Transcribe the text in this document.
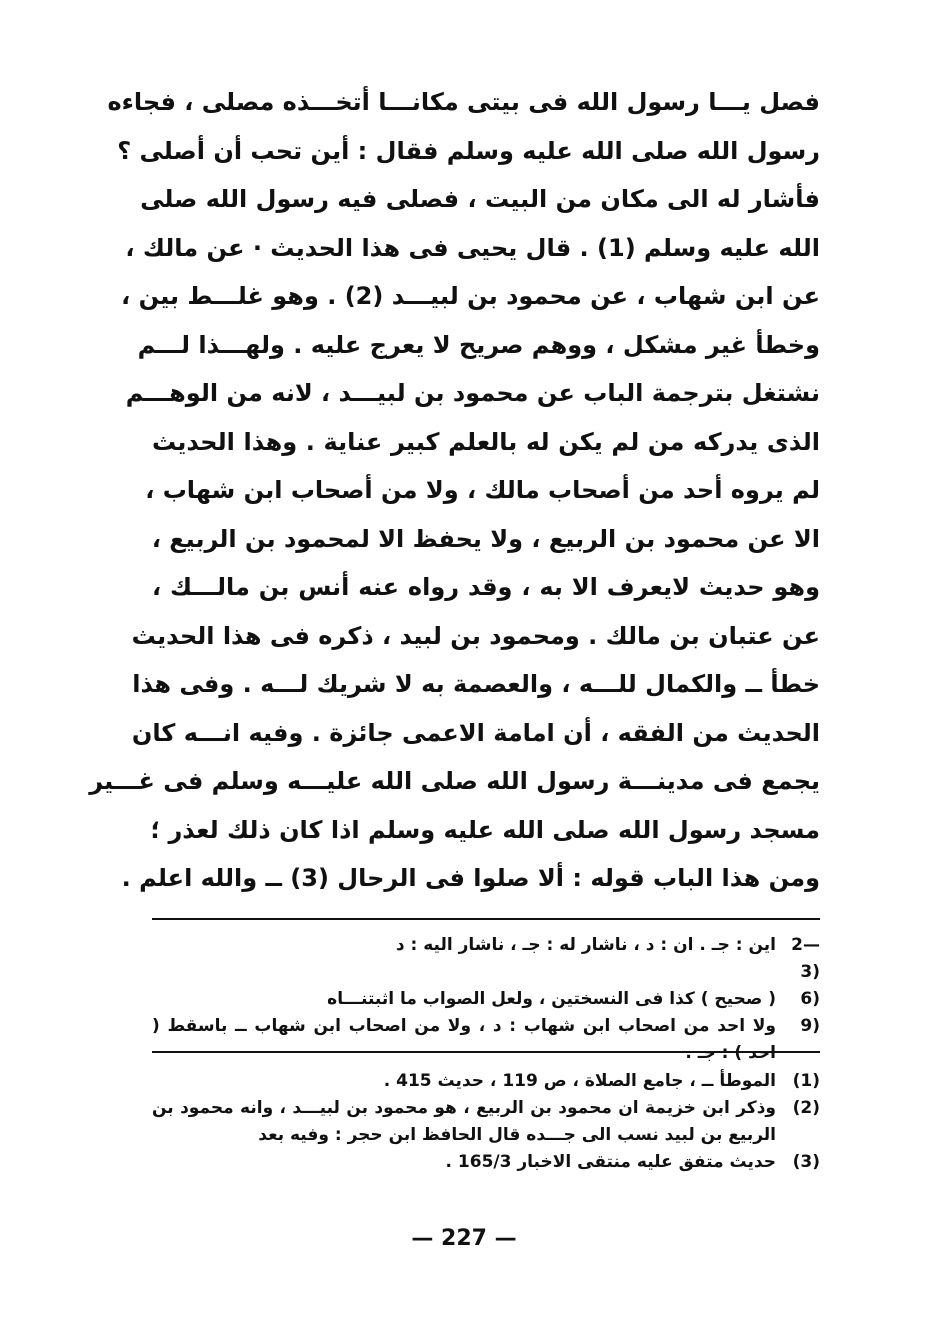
فصل يـــا رسول الله فى بيتى مكانـــا أتخـــذه مصلى ، فجاءه
رسول الله صلى الله عليه وسلم فقال : أين تحب أن أصلى ؟
فأشار له الى مكان من البيت ، فصلى فيه رسول الله صلى
الله عليه وسلم (1) . قال يحيى فى هذا الحديث · عن مالك ،
عن ابن شهاب ، عن محمود بن لبيـــد (2) . وهو غلـــط بين ،
وخطأ غير مشكل ، ووهم صريح لا يعرج عليه . ولهـــذا لـــم
نشتغل بترجمة الباب عن محمود بن لبيـــد ، لانه من الوهـــم
الذى يدركه من لم يكن له بالعلم كبير عناية . وهذا الحديث
لم يروه أحد من أصحاب مالك ، ولا من أصحاب ابن شهاب ،
الا عن محمود بن الربيع ، ولا يحفظ الا لمحمود بن الربيع ،
وهو حديث لايعرف الا به ، وقد رواه عنه أنس بن مالـــك ،
عن عتبان بن مالك . ومحمود بن لبيد ، ذكره فى هذا الحديث
خطأ ــ والكمال للـــه ، والعصمة به لا شريك لـــه . وفى هذا
الحديث من الفقه ، أن امامة الاعمى جائزة . وفيه انـــه كان
يجمع فى مدينـــة رسول الله صلى الله عليـــه وسلم فى غـــير
مسجد رسول الله صلى الله عليه وسلم اذا كان ذلك لعذر ؛
ومن هذا الباب قوله : ألا صلوا فى الرحال (3) ــ والله اعلم .
2—3)
اين : جـ . ان : د ، ناشار له : جـ ، ناشار اليه : د
6)
( صحيح ) كذا فى النسختين ، ولعل الصواب ما اثبتنـــاه
9)
ولا احد من اصحاب ابن شهاب : د ، ولا من اصحاب ابن شهاب ــ باسقط ( احد ) : جـ .
(1)
الموطأ ــ ، جامع الصلاة ، ص 119 ، حديث 415 .
(2)
وذكر ابن خزيمة ان محمود بن الربيع ، هو محمود بن لبيـــد ، وانه محمود بن الربيع بن لبيد نسب الى جـــده قال الحافظ ابن حجر : وفيه بعد
(3)
حديث متفق عليه منتقى الاخبار 165/3 .
— 227 —
